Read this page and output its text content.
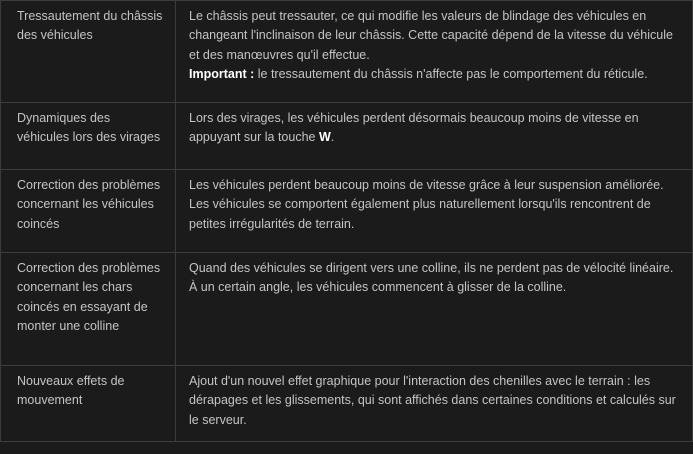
Tressautement du châssis des véhicules	Le châssis peut tressauter, ce qui modifie les valeurs de blindage des véhicules en changeant l'inclinaison de leur châssis. Cette capacité dépend de la vitesse du véhicule et des manœuvres qu'il effectue.
Important : le tressautement du châssis n'affecte pas le comportement du réticule.
Dynamiques des véhicules lors des virages	Lors des virages, les véhicules perdent désormais beaucoup moins de vitesse en appuyant sur la touche W.
Correction des problèmes concernant les véhicules coincés	Les véhicules perdent beaucoup moins de vitesse grâce à leur suspension améliorée. Les véhicules se comportent également plus naturellement lorsqu'ils rencontrent de petites irrégularités de terrain.
Correction des problèmes concernant les chars coincés en essayant de monter une colline	Quand des véhicules se dirigent vers une colline, ils ne perdent pas de vélocité linéaire. À un certain angle, les véhicules commencent à glisser de la colline.
Nouveaux effets de mouvement	Ajout d'un nouvel effet graphique pour l'interaction des chenilles avec le terrain : les dérapages et les glissements, qui sont affichés dans certaines conditions et calculés sur le serveur.
